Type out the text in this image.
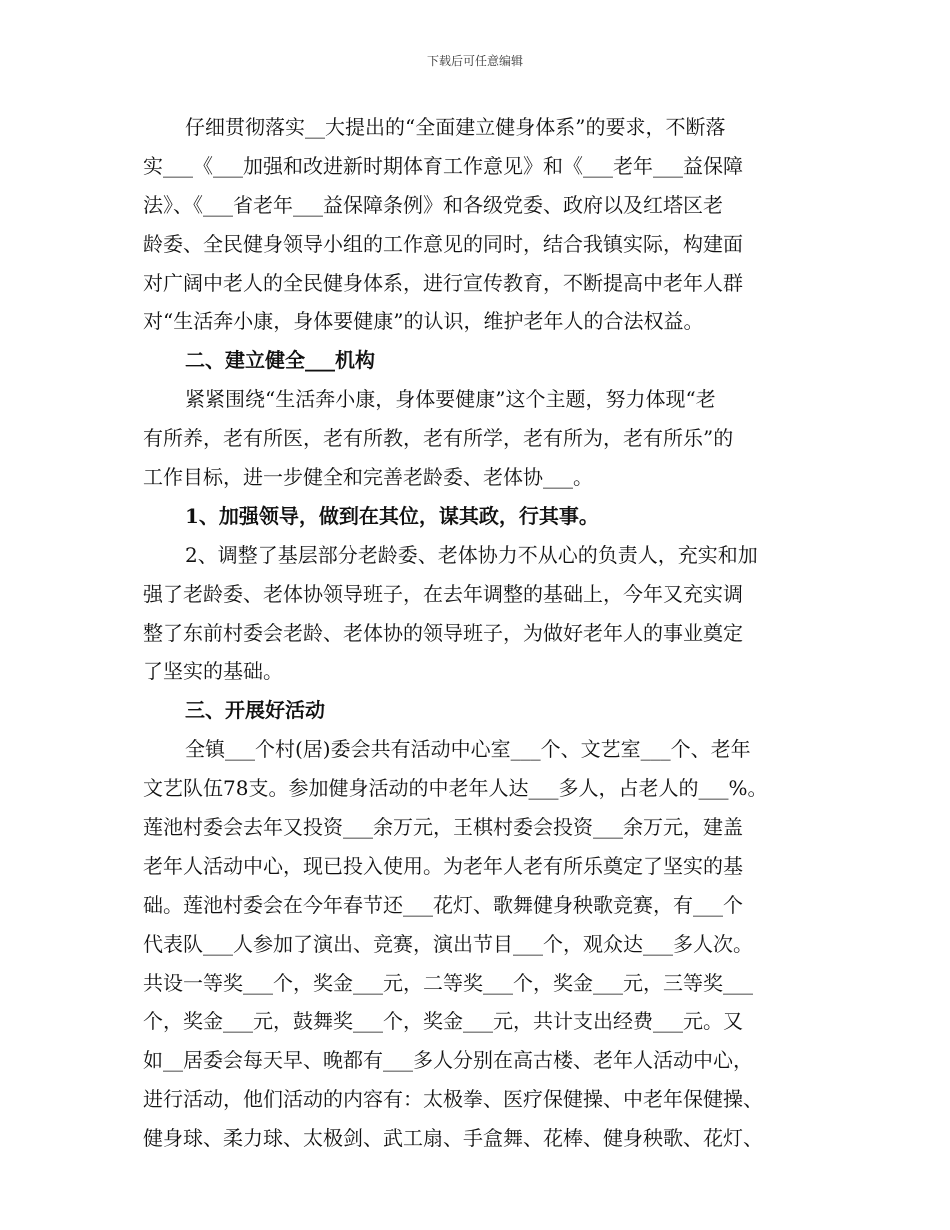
下载后可任意编辑
仔细贯彻落实__大提出的“全面建立健身体系”的要求，不断落
实___《___加强和改进新时期体育工作意见》和《___老年___益保障
法》、《___省老年___益保障条例》和各级党委、政府以及红塔区老
龄委、全民健身领导小组的工作意见的同时，结合我镇实际，构建面
对广阔中老人的全民健身体系，进行宣传教育，不断提高中老年人群
对“生活奔小康，身体要健康”的认识，维护老年人的合法权益。
二、建立健全___机构
紧紧围绕“生活奔小康，身体要健康”这个主题，努力体现“老
有所养，老有所医，老有所教，老有所学，老有所为，老有所乐”的
工作目标，进一步健全和完善老龄委、老体协___。
1、加强领导，做到在其位，谋其政，行其事。
2、调整了基层部分老龄委、老体协力不从心的负责人，充实和加
强了老龄委、老体协领导班子，在去年调整的基础上，今年又充实调
整了东前村委会老龄、老体协的领导班子，为做好老年人的事业奠定
了坚实的基础。
三、开展好活动
全镇___个村(居)委会共有活动中心室___个、文艺室___个、老年
文艺队伍78支。参加健身活动的中老年人达___多人，占老人的___%。
莲池村委会去年又投资___余万元，王棋村委会投资___余万元，建盖
老年人活动中心，现已投入使用。为老年人老有所乐奠定了坚实的基
础。莲池村委会在今年春节还___花灯、歌舞健身秧歌竞赛，有___个
代表队___人参加了演出、竞赛，演出节目___个，观众达___多人次。
共设一等奖___个，奖金___元，二等奖___个，奖金___元，三等奖___
个，奖金___元，鼓舞奖___个，奖金___元，共计支出经费___元。又
如__居委会每天早、晚都有___多人分别在高古楼、老年人活动中心，
进行活动，他们活动的内容有：太极拳、医疗保健操、中老年保健操、
健身球、柔力球、太极剑、武工扇、手盒舞、花棒、健身秧歌、花灯、
